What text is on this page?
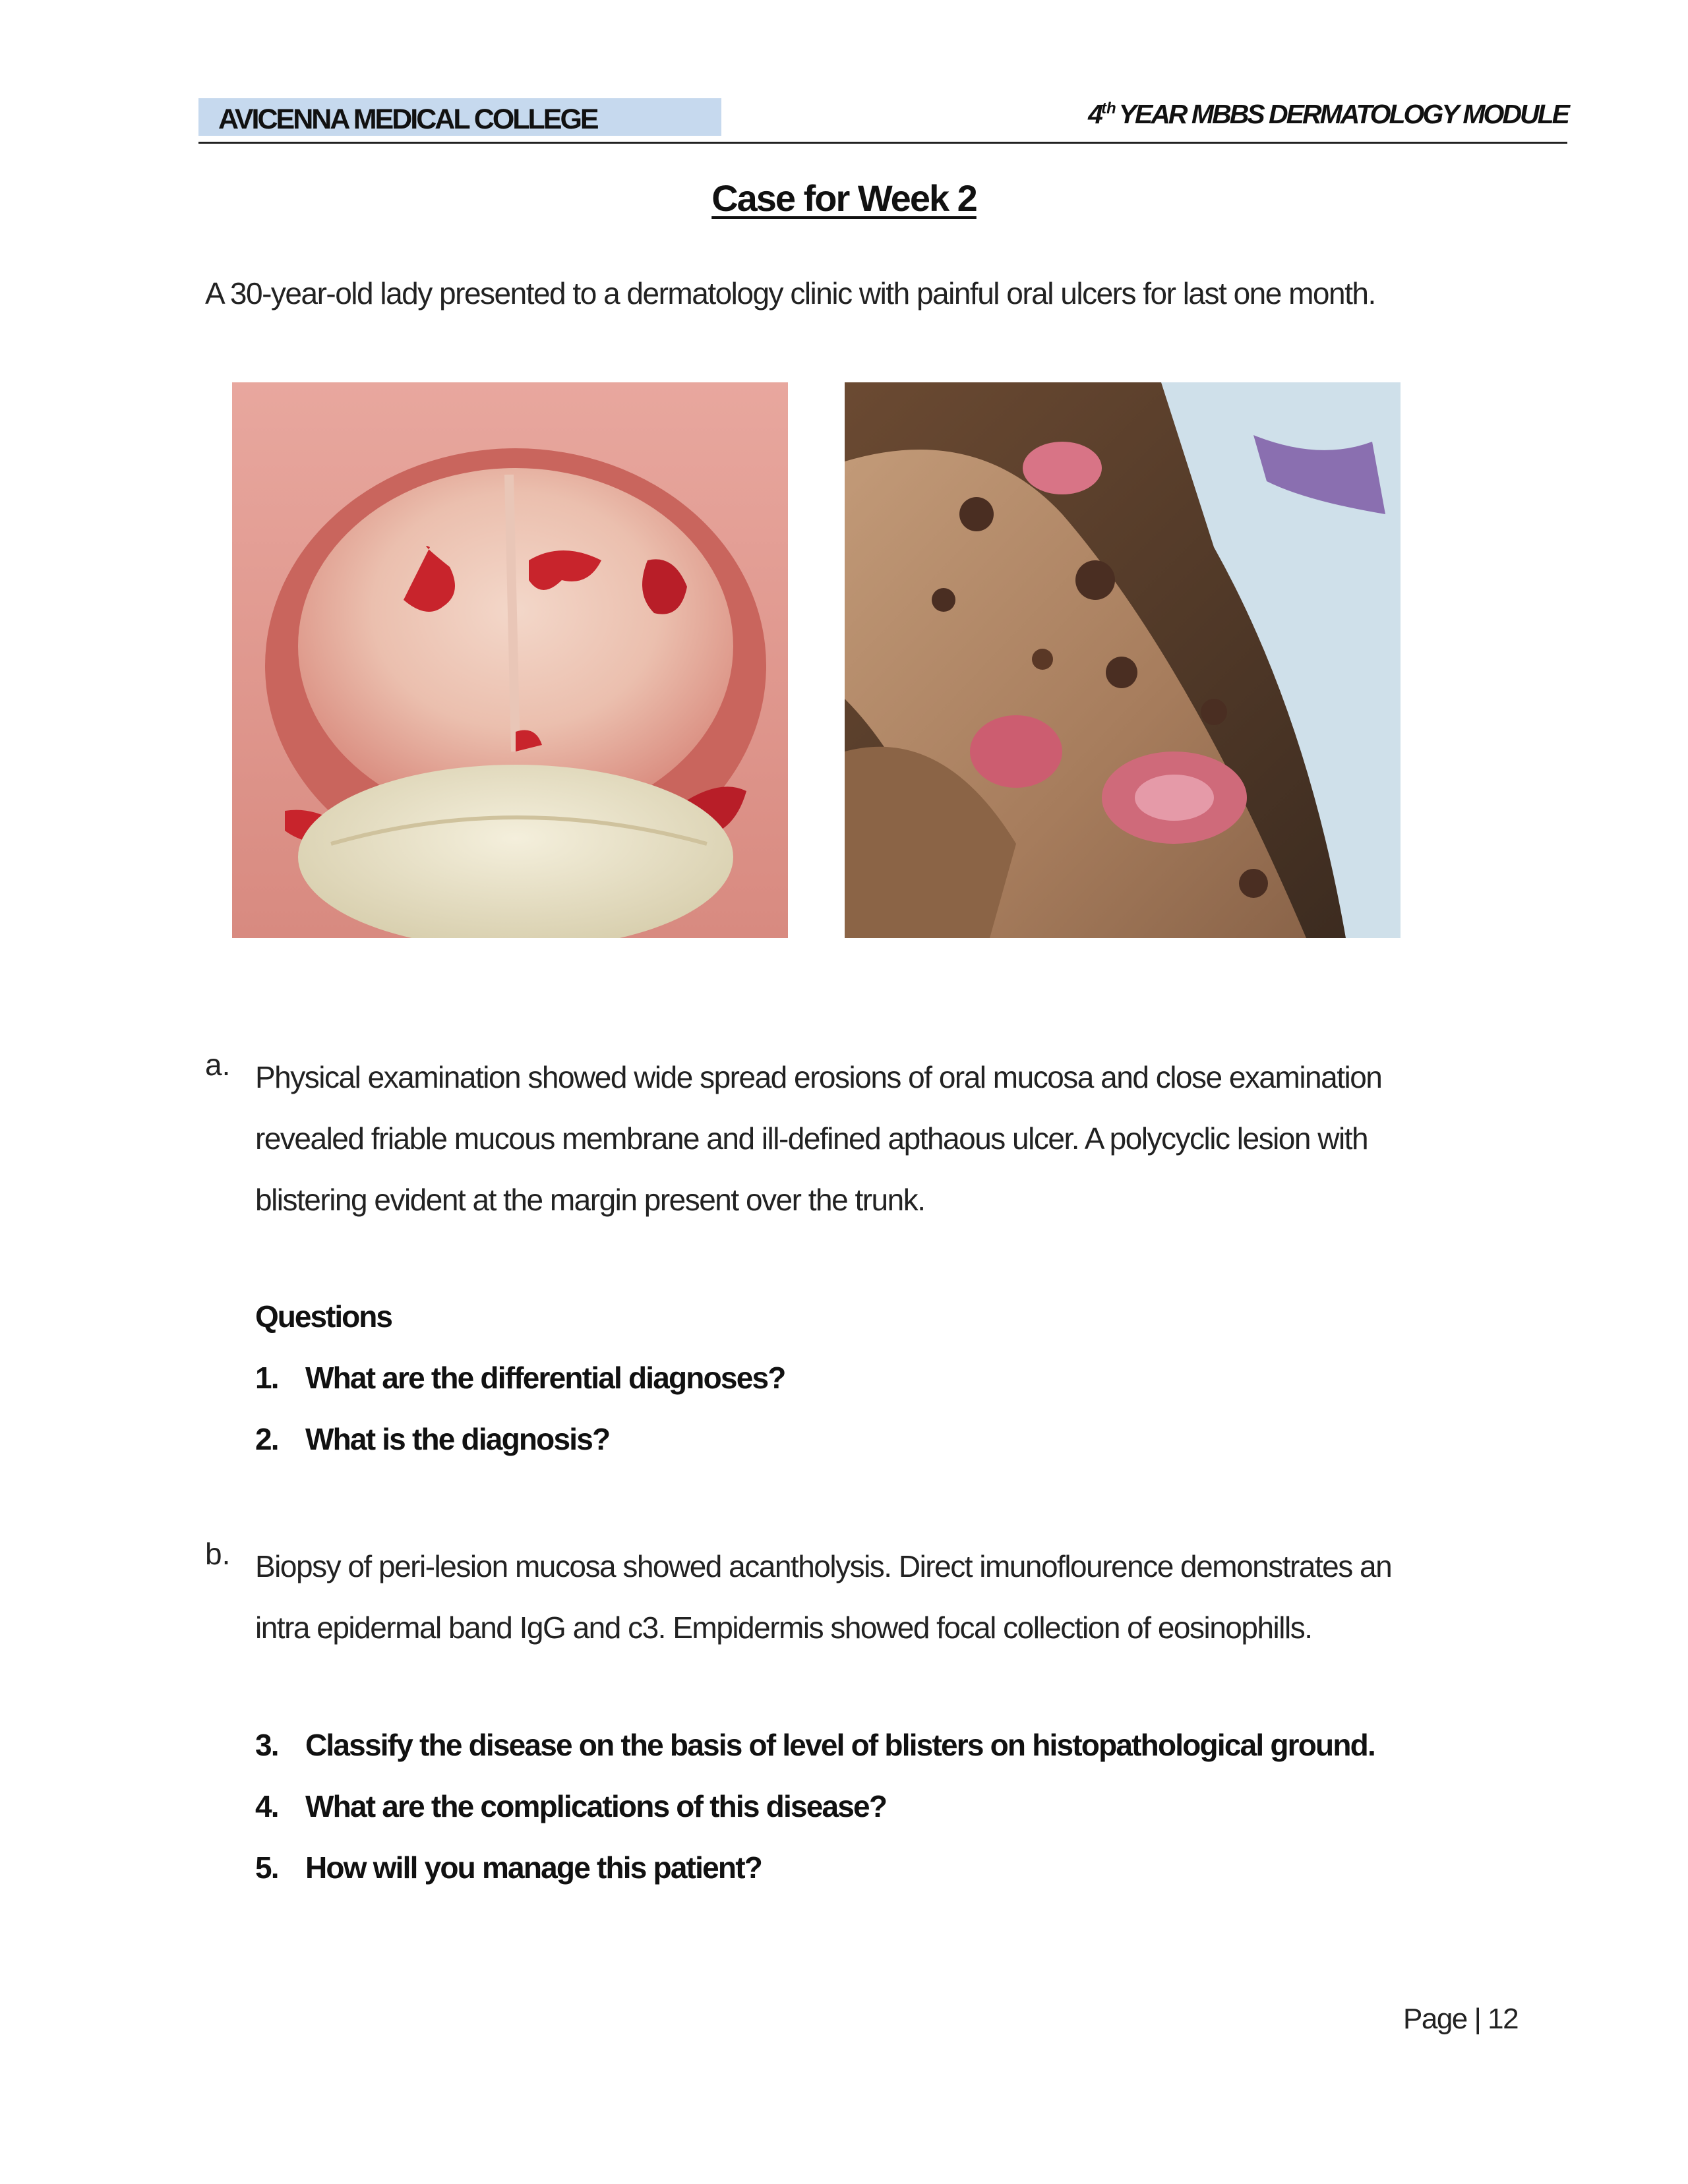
AVICENNA MEDICAL COLLEGE	4thYEAR MBBS DERMATOLOGY MODULE
Case for Week 2
A 30-year-old lady presented to a dermatology clinic with painful oral ulcers for last one month.
a. Physical examination showed wide spread erosions of oral mucosa and close examination

revealed friable mucous membrane and ill-defined apthaous ulcer. A polycyclic lesion with

blistering evident at the margin present over the trunk.

Questions
1. What are the differential diagnoses?
2. What is the diagnosis?
b. Biopsy of peri-lesion mucosa showed acantholysis. Direct imunoflourence demonstrates an

intra epidermal band IgG and c3. Empidermis showed focal collection of eosinophills.

3. Classify the disease on the basis of level of blisters on histopathological ground.
4. What are the complications of this disease?
5. How will you manage this patient?
Page | 12
